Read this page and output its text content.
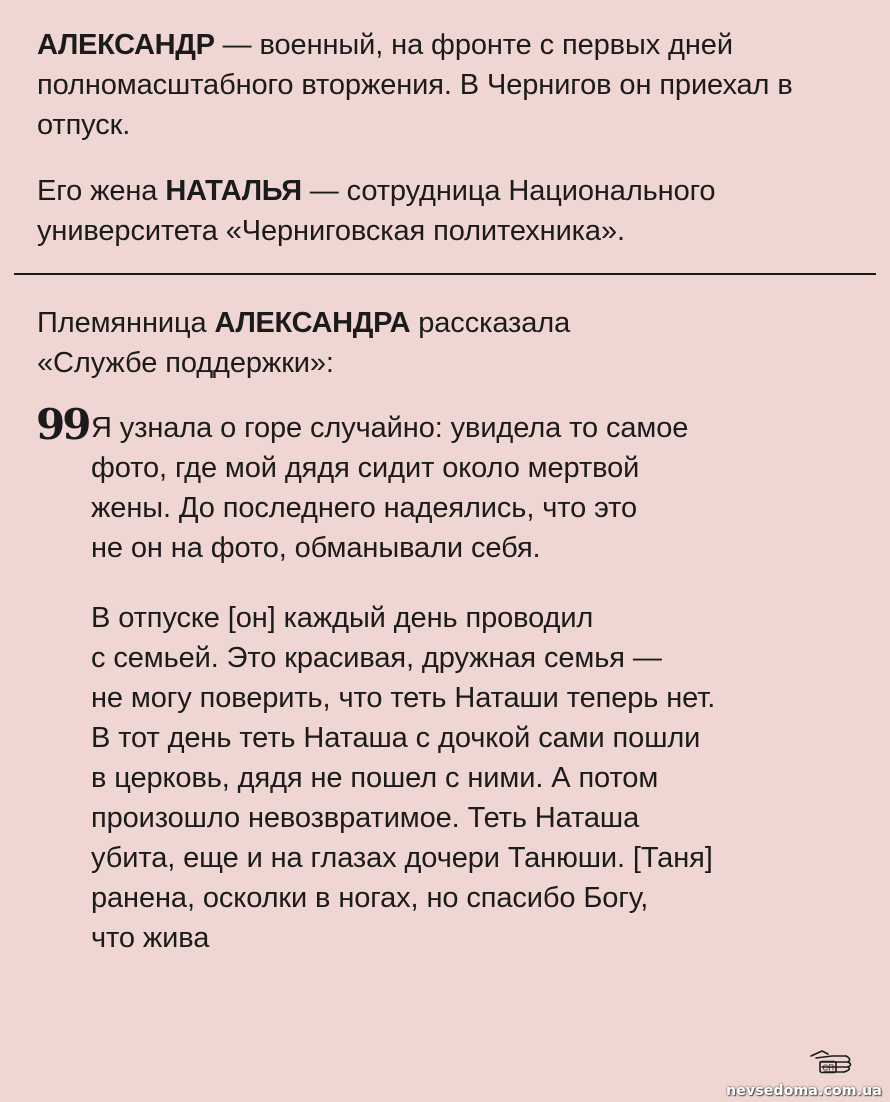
АЛЕКСАНДР — военный, на фронте с первых дней полномасштабного вторжения. В Чернигов он приехал в отпуск.

Его жена НАТАЛЬЯ — сотрудница Национального университета «Черниговская политехника».

Племянница АЛЕКСАНДРА рассказала
«Службе поддержки»:

99 Я узнала о горе случайно: увидела то самое
фото, где мой дядя сидит около мертвой
жены. До последнего надеялись, что это
не он на фото, обманывали себя.
В отпуске [он] каждый день проводил
с семьей. Это красивая, дружная семья —
не могу поверить, что теть Наташи теперь нет.
В тот день теть Наташа с дочкой сами пошли
в церковь, дядя не пошел с ними. А потом
произошло невозвратимое. Теть Наташа
убита, еще и на глазах дочери Танюши. [Таня]
ранена, осколки в ногах, но спасибо Богу,
что жива
СП
nevsedoma.com.ua
